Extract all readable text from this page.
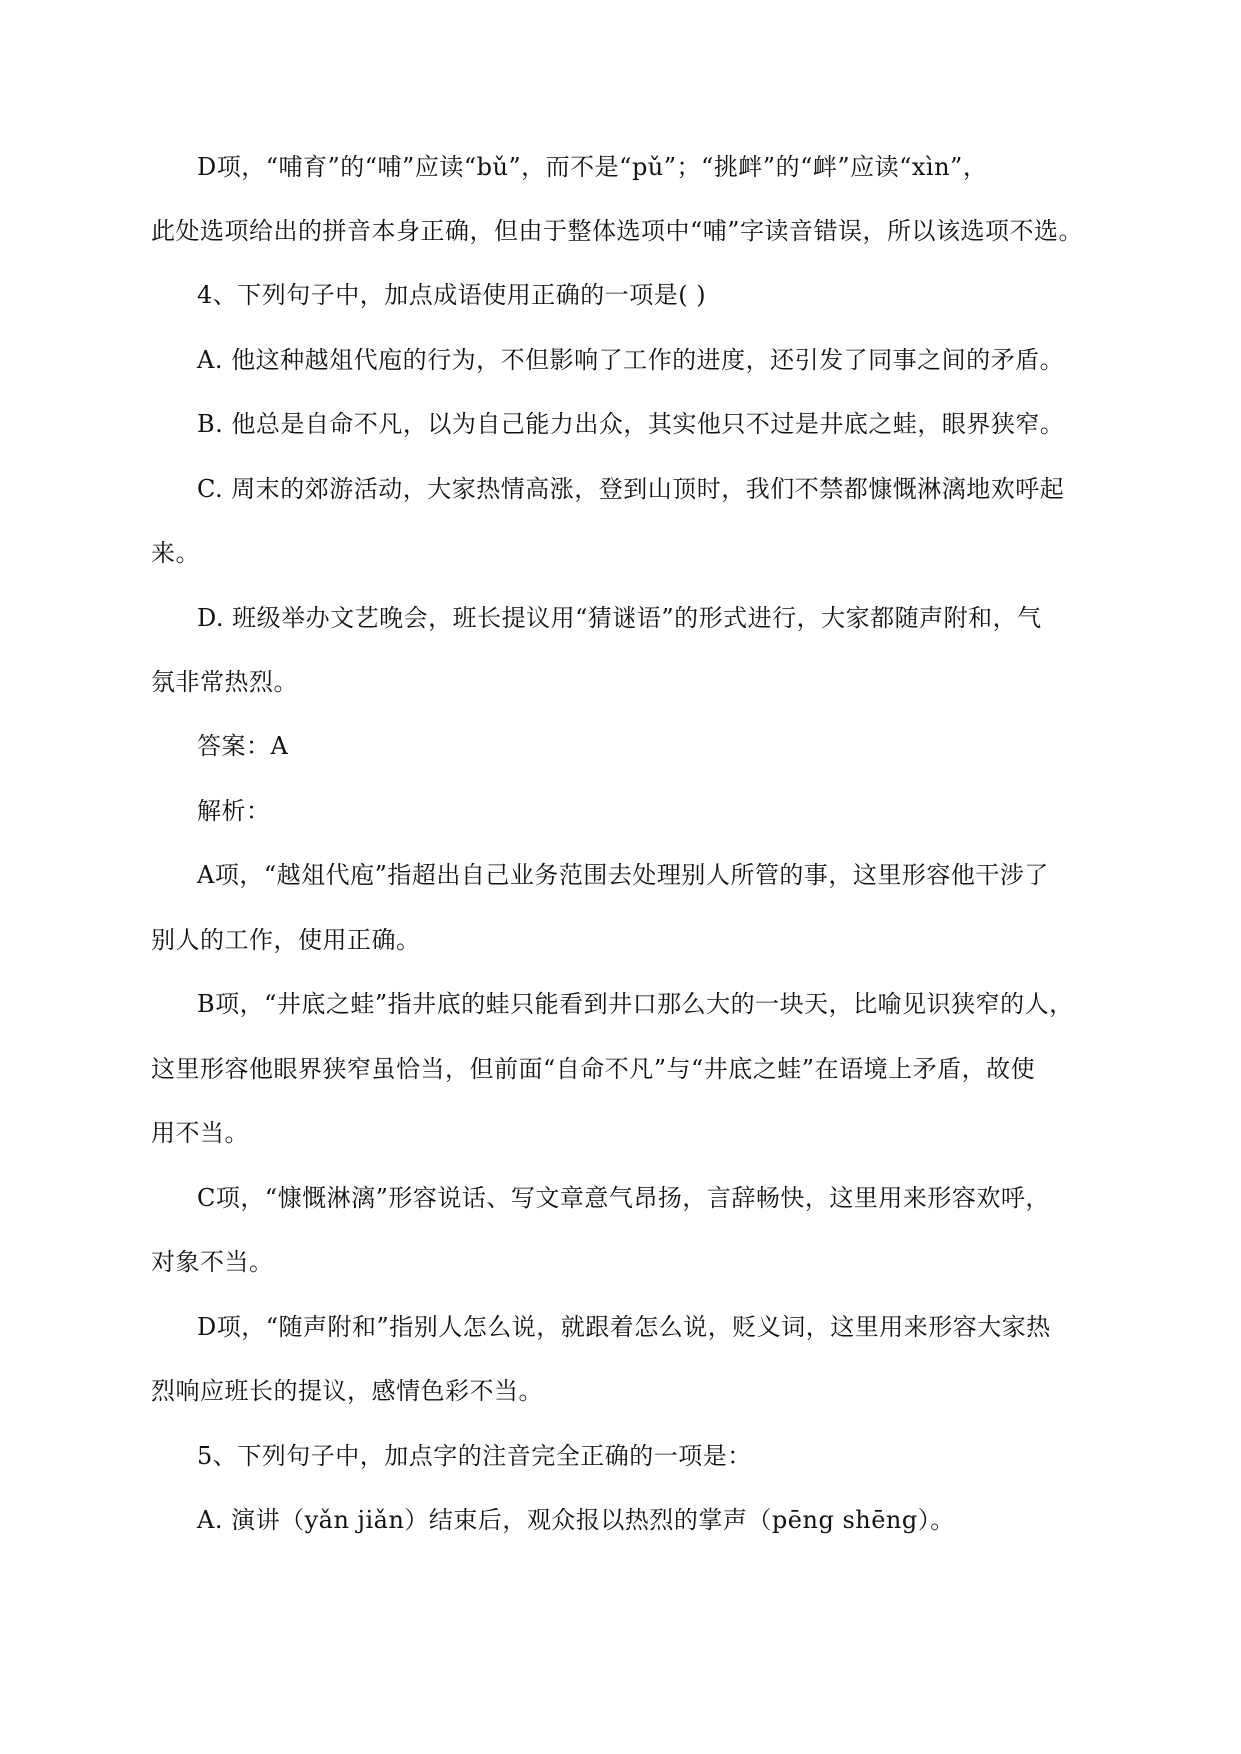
D项，“哺育”的“哺”应读“bǔ”，而不是“pǔ”；“挑衅”的“衅”应读“xìn”，
此处选项给出的拼音本身正确，但由于整体选项中“哺”字读音错误，所以该选项不选。
4、下列句子中，加点成语使用正确的一项是( )
A. 他这种越俎代庖的行为，不但影响了工作的进度，还引发了同事之间的矛盾。
B. 他总是自命不凡，以为自己能力出众，其实他只不过是井底之蛙，眼界狭窄。
C. 周末的郊游活动，大家热情高涨，登到山顶时，我们不禁都慷慨淋漓地欢呼起
来。
D. 班级举办文艺晚会，班长提议用“猜谜语”的形式进行，大家都随声附和，气
氛非常热烈。
答案：A
解析：
A项，“越俎代庖”指超出自己业务范围去处理别人所管的事，这里形容他干涉了
别人的工作，使用正确。
B项，“井底之蛙”指井底的蛙只能看到井口那么大的一块天，比喻见识狭窄的人，
这里形容他眼界狭窄虽恰当，但前面“自命不凡”与“井底之蛙”在语境上矛盾，故使
用不当。
C项，“慷慨淋漓”形容说话、写文章意气昂扬，言辞畅快，这里用来形容欢呼，
对象不当。
D项，“随声附和”指别人怎么说，就跟着怎么说，贬义词，这里用来形容大家热
烈响应班长的提议，感情色彩不当。
5、下列句子中，加点字的注音完全正确的一项是：
A. 演讲（yǎn jiǎn）结束后，观众报以热烈的掌声（pēng shēng）。
